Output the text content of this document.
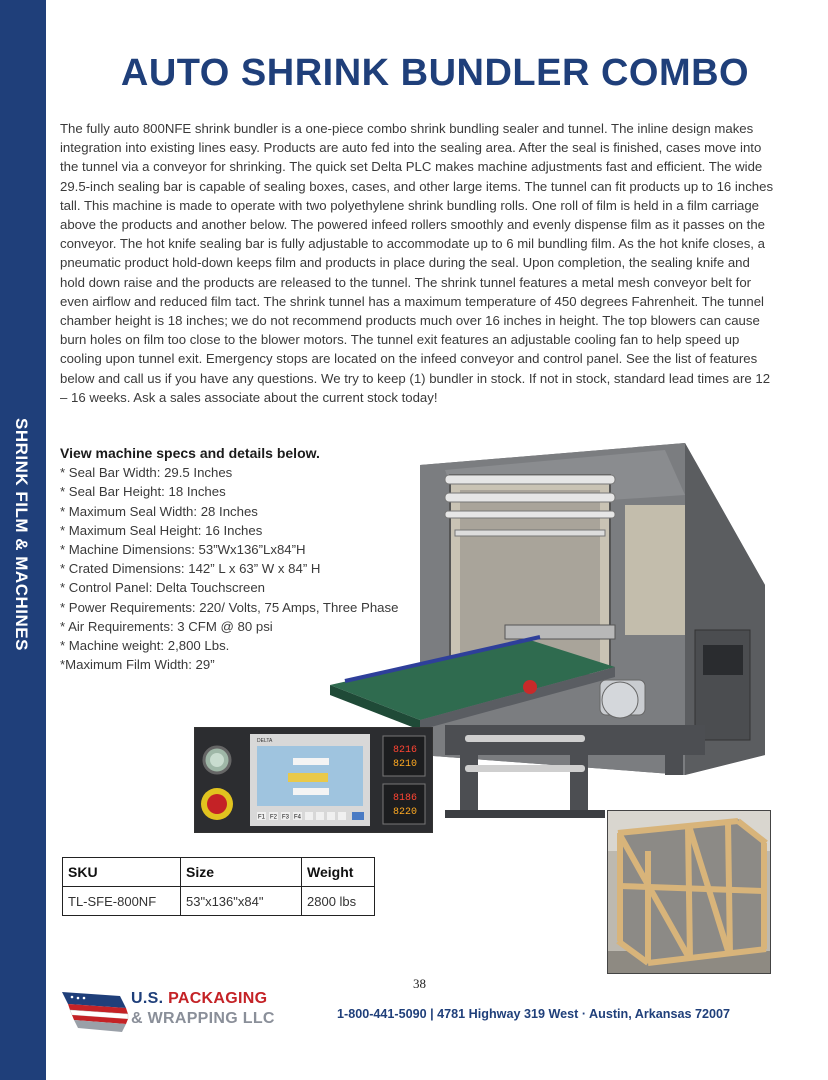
SHRINK FILM & MACHINES
AUTO SHRINK BUNDLER COMBO

The fully auto 800NFE shrink bundler is a one-piece combo shrink bundling sealer and tunnel. The inline design makes integration into existing lines easy. Products are auto fed into the sealing area. After the seal is finished, cases move into the tunnel via a conveyor for shrinking. The quick set Delta PLC makes machine adjustments fast and efficient. The wide 29.5-inch sealing bar is capable of sealing boxes, cases, and other large items. The tunnel can fit products up to 16 inches tall. This machine is made to operate with two polyethylene shrink bundling rolls. One roll of film is held in a film carriage above the products and another below. The powered infeed rollers smoothly and evenly dispense film as it passes on the conveyor. The hot knife sealing bar is fully adjustable to accommodate up to 6 mil bundling film. As the hot knife closes, a pneumatic product hold-down keeps film and products in place during the seal. Upon completion, the sealing knife and hold down raise and the products are released to the tunnel. The shrink tunnel features a metal mesh conveyor belt for even airflow and reduced film tact. The shrink tunnel has a maximum temperature of 450 degrees Fahrenheit. The tunnel chamber height is 18 inches; we do not recommend products much over 16 inches in height. The top blowers can cause burn holes on film too close to the blower motors. The tunnel exit features an adjustable cooling fan to help speed up cooling upon tunnel exit. Emergency stops are located on the infeed conveyor and control panel. See the list of features below and call us if you have any questions. We try to keep (1) bundler in stock. If not in stock, standard lead times are 12 – 16 weeks. Ask a sales associate about the current stock today!

View machine specs and details below.
* Seal Bar Width: 29.5 Inches
* Seal Bar Height: 18 Inches
* Maximum Seal Width: 28 Inches
* Maximum Seal Height: 16 Inches
* Machine Dimensions: 53”Wx136”Lx84”H
* Crated Dimensions: 142” L x 63” W x 84” H
* Control Panel: Delta Touchscreen
* Power Requirements: 220/ Volts, 75 Amps, Three Phase
* Air Requirements: 3 CFM @ 80 psi
* Machine weight: 2,800 Lbs.
*Maximum Film Width: 29”
DELTA
F1 F2 F3 F4
8216
8210
8186
8220
SKU	Size	Weight
TL-SFE-800NF	53"x136"x84"	2800 lbs
38
U.S. PACKAGING
& WRAPPING LLC	1-800-441-5090 | 4781 Highway 319 West · Austin, Arkansas 72007
